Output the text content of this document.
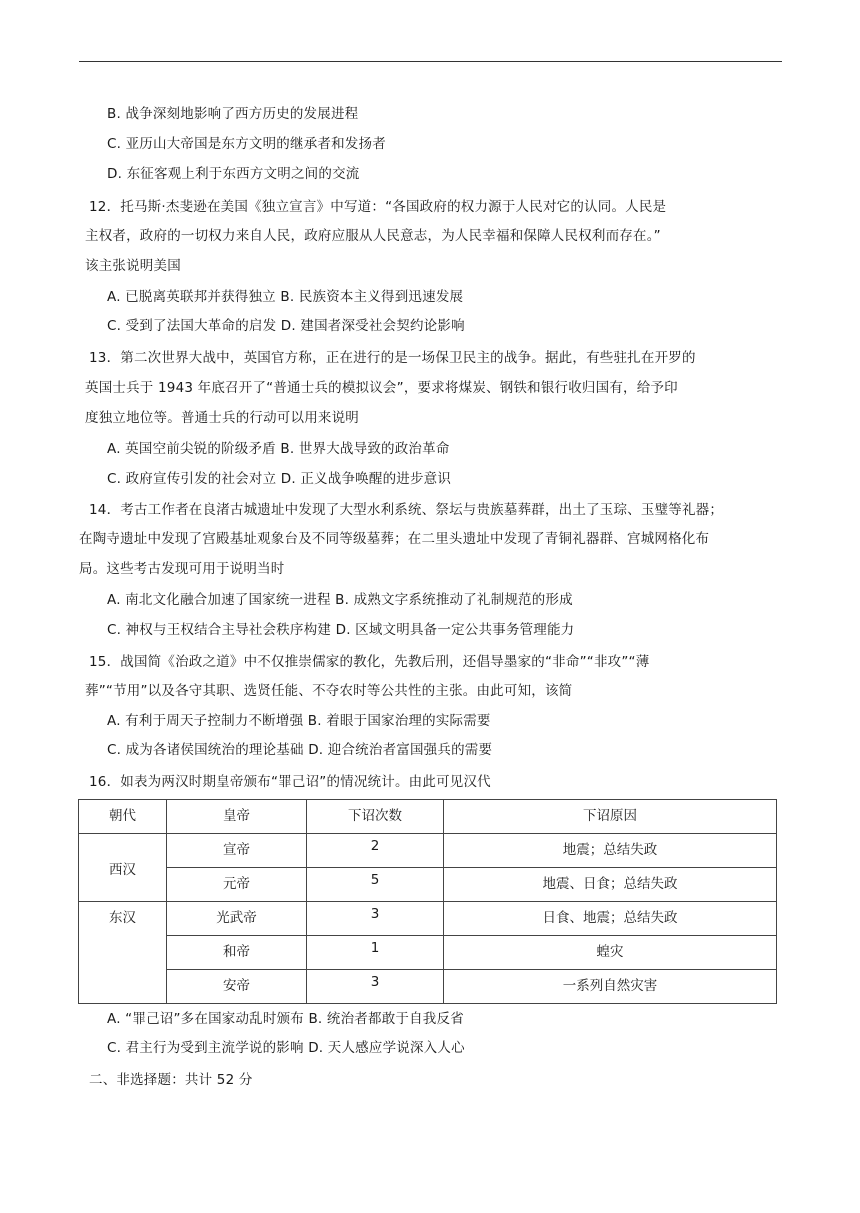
B. 战争深刻地影响了西方历史的发展进程
C. 亚历山大帝国是东方文明的继承者和发扬者
D. 东征客观上利于东西方文明之间的交流
12．托马斯·杰斐逊在美国《独立宣言》中写道：“各国政府的权力源于人民对它的认同。人民是
主权者，政府的一切权力来自人民，政府应服从人民意志，为人民幸福和保障人民权利而存在。”
该主张说明美国
A. 已脱离英联邦并获得独立 B. 民族资本主义得到迅速发展
C. 受到了法国大革命的启发 D. 建国者深受社会契约论影响
13．第二次世界大战中，英国官方称，正在进行的是一场保卫民主的战争。据此，有些驻扎在开罗的
英国士兵于 1943 年底召开了“普通士兵的模拟议会”，要求将煤炭、钢铁和银行收归国有，给予印
度独立地位等。普通士兵的行动可以用来说明
A. 英国空前尖锐的阶级矛盾 B. 世界大战导致的政治革命
C. 政府宣传引发的社会对立 D. 正义战争唤醒的进步意识
14．考古工作者在良渚古城遗址中发现了大型水利系统、祭坛与贵族墓葬群，出土了玉琮、玉璧等礼器；
在陶寺遗址中发现了宫殿基址观象台及不同等级墓葬；在二里头遗址中发现了青铜礼器群、宫城网格化布
局。这些考古发现可用于说明当时
A. 南北文化融合加速了国家统一进程 B. 成熟文字系统推动了礼制规范的形成
C. 神权与王权结合主导社会秩序构建 D. 区域文明具备一定公共事务管理能力
15．战国简《治政之道》中不仅推崇儒家的教化，先教后刑，还倡导墨家的“非命”“非攻”“薄
葬”“节用”以及各守其职、选贤任能、不夺农时等公共性的主张。由此可知，该简
A. 有利于周天子控制力不断增强 B. 着眼于国家治理的实际需要
C. 成为各诸侯国统治的理论基础 D. 迎合统治者富国强兵的需要
16．如表为两汉时期皇帝颁布“罪己诏”的情况统计。由此可见汉代
朝代	皇帝	下诏次数	下诏原因
西汉	宣帝	2	地震；总结失政
	元帝	5	地震、日食；总结失政
东汉	光武帝	3	日食、地震；总结失政
	和帝	1	蝗灾
	安帝	3	一系列自然灾害
A. “罪己诏”多在国家动乱时颁布 B. 统治者都敢于自我反省
C. 君主行为受到主流学说的影响 D. 天人感应学说深入人心
二、非选择题：共计 52 分
